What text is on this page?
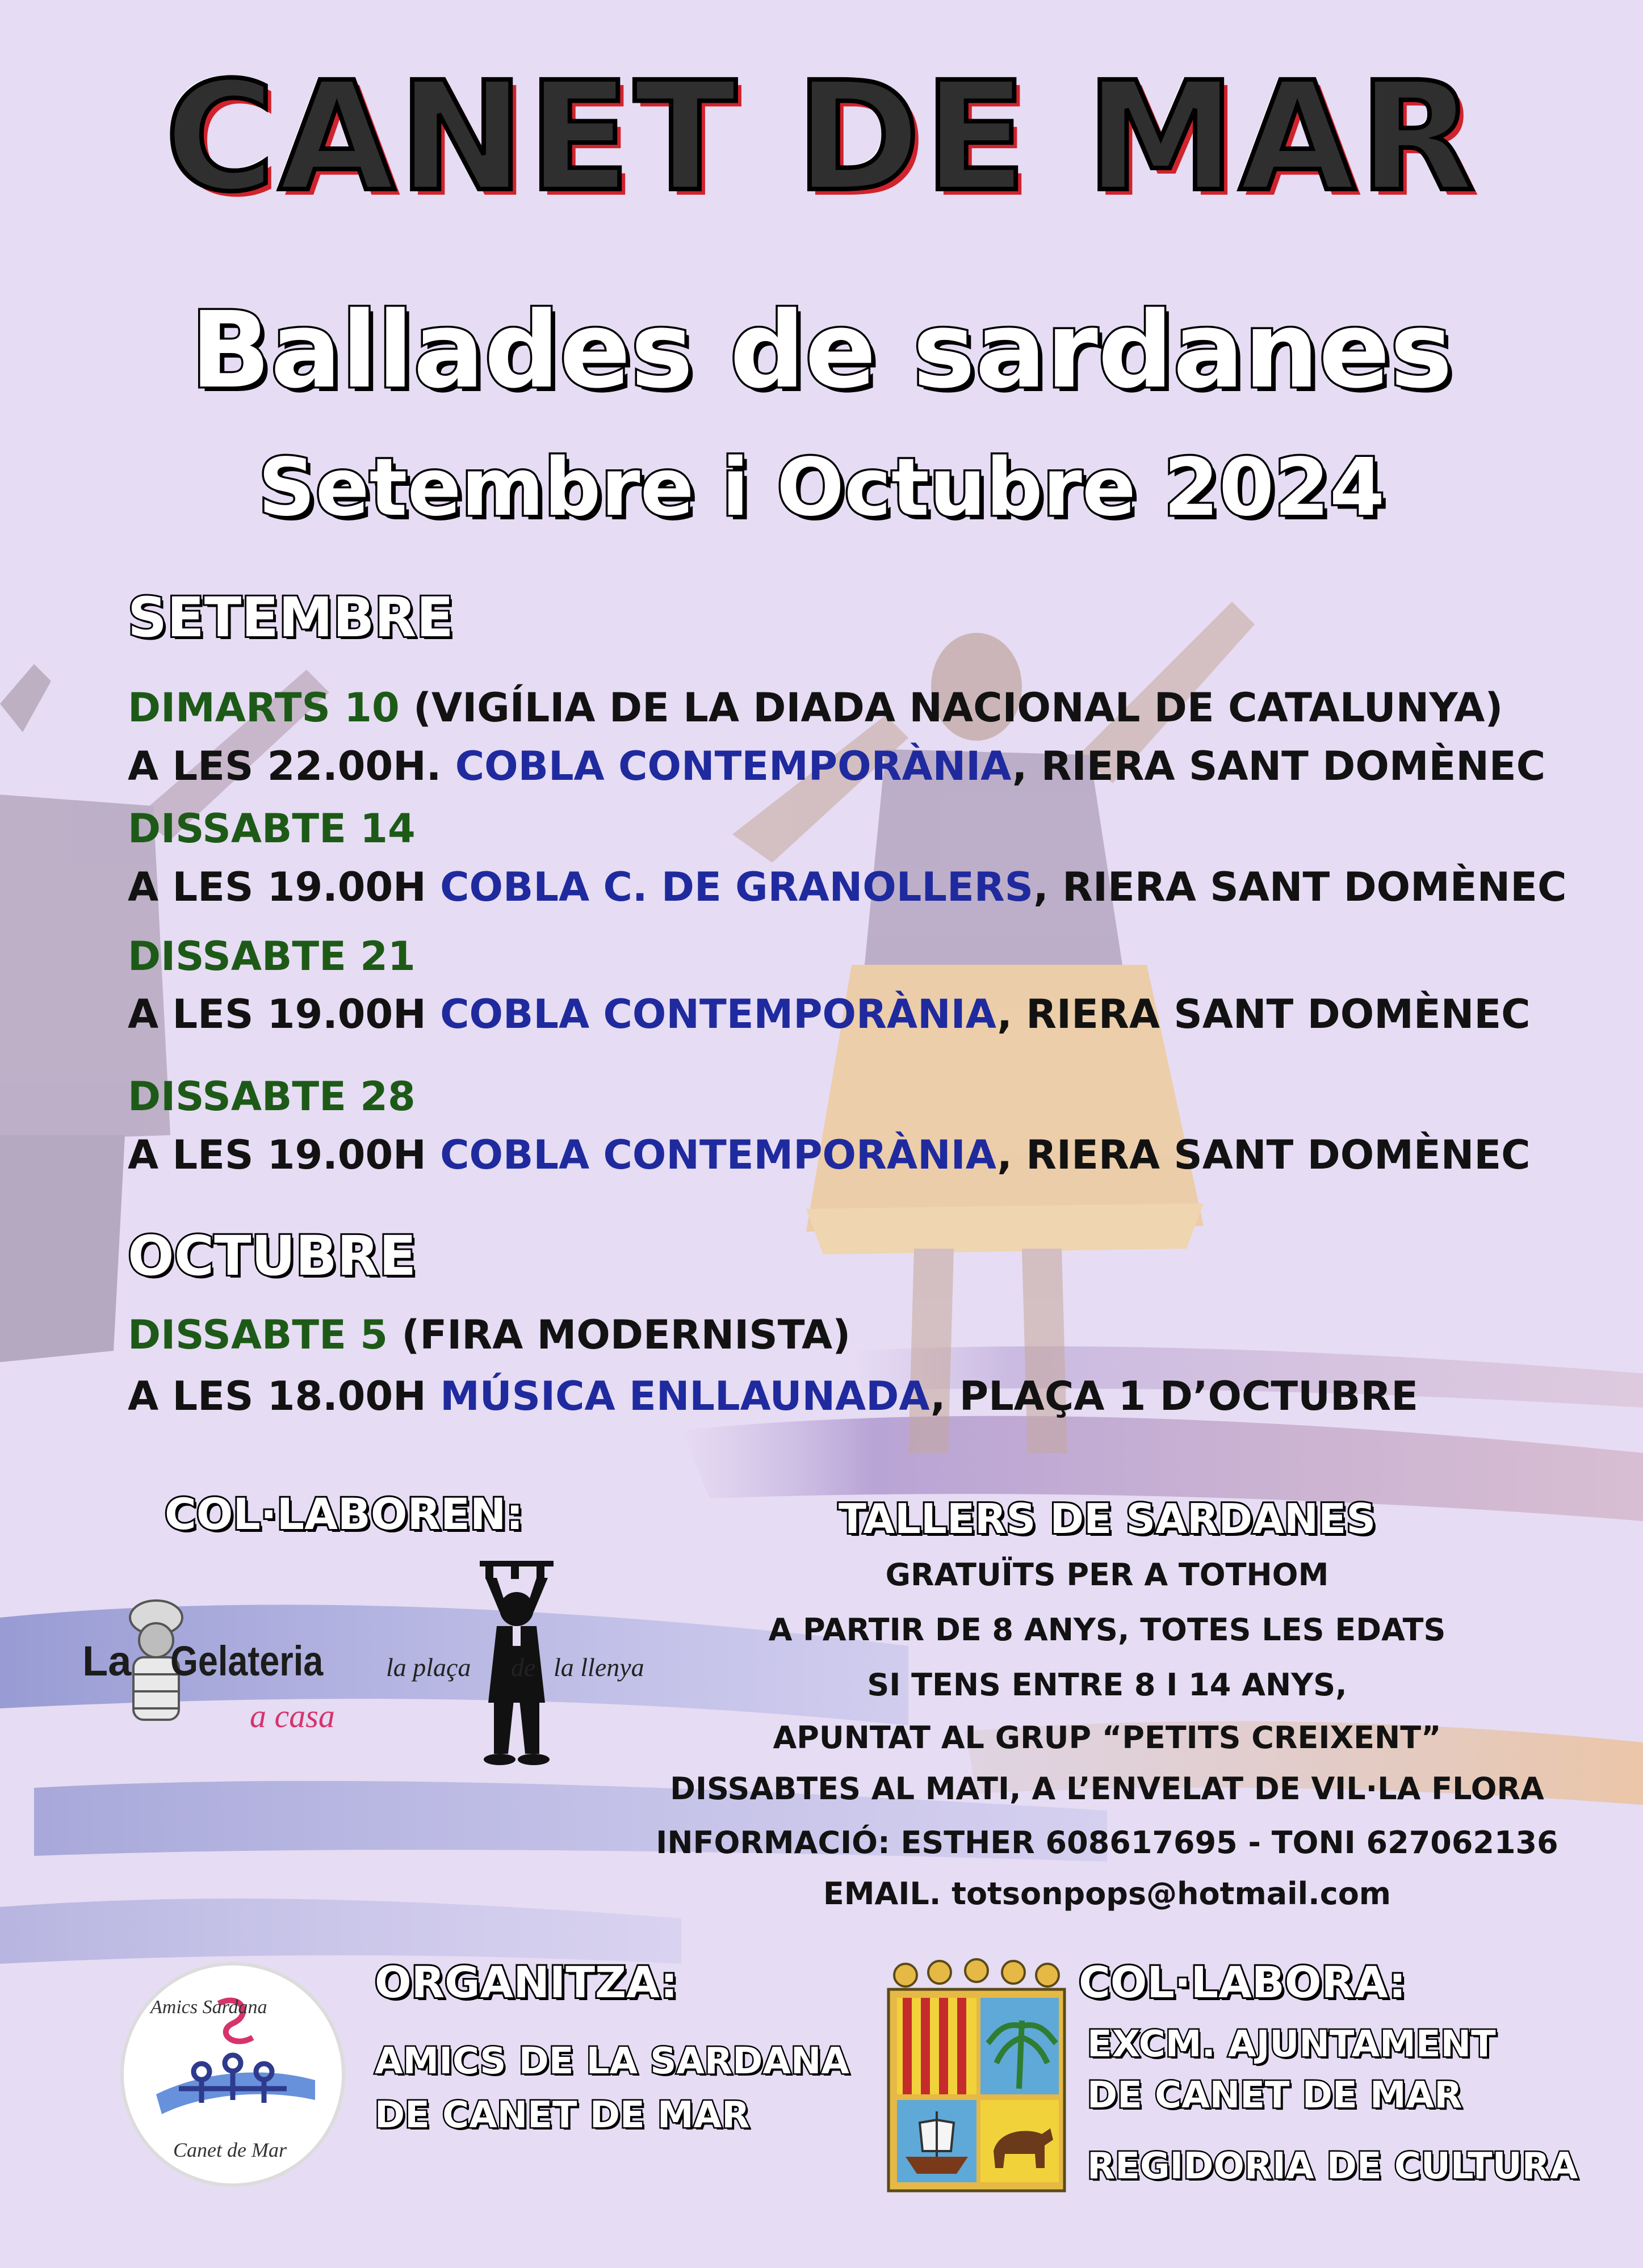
CANET DE MAR
Ballades de sardanes
Setembre i Octubre 2024
SETEMBRE
DIMARTS 10 (VIGÍLIA DE LA DIADA NACIONAL DE CATALUNYA)
A LES 22.00H. COBLA CONTEMPORÀNIA, RIERA SANT DOMÈNEC
DISSABTE 14
A LES 19.00H COBLA C. DE GRANOLLERS, RIERA SANT DOMÈNEC
DISSABTE 21
A LES 19.00H COBLA CONTEMPORÀNIA, RIERA SANT DOMÈNEC
DISSABTE 28
A LES 19.00H COBLA CONTEMPORÀNIA, RIERA SANT DOMÈNEC
OCTUBRE
DISSABTE 5 (FIRA MODERNISTA)
A LES 18.00H MÚSICA ENLLAUNADA, PLAÇA 1 D’OCTUBRE
COL·LABOREN:
La Gelateria
a casa
la plaça de la llenya
TALLERS DE SARDANES
GRATUÏTS PER A TOTHOM
A PARTIR DE 8 ANYS, TOTES LES EDATS
SI TENS ENTRE 8 I 14 ANYS,
APUNTAT AL GRUP “PETITS CREIXENT”
DISSABTES AL MATI, A L’ENVELAT DE VIL·LA FLORA
INFORMACIÓ: ESTHER 608617695 - TONI 627062136
EMAIL. totsonpops@hotmail.com
Amics Sardana
Canet de Mar
ORGANITZA:
AMICS DE LA SARDANA
DE CANET DE MAR
COL·LABORA:
EXCM. AJUNTAMENT
DE CANET DE MAR
REGIDORIA DE CULTURA
